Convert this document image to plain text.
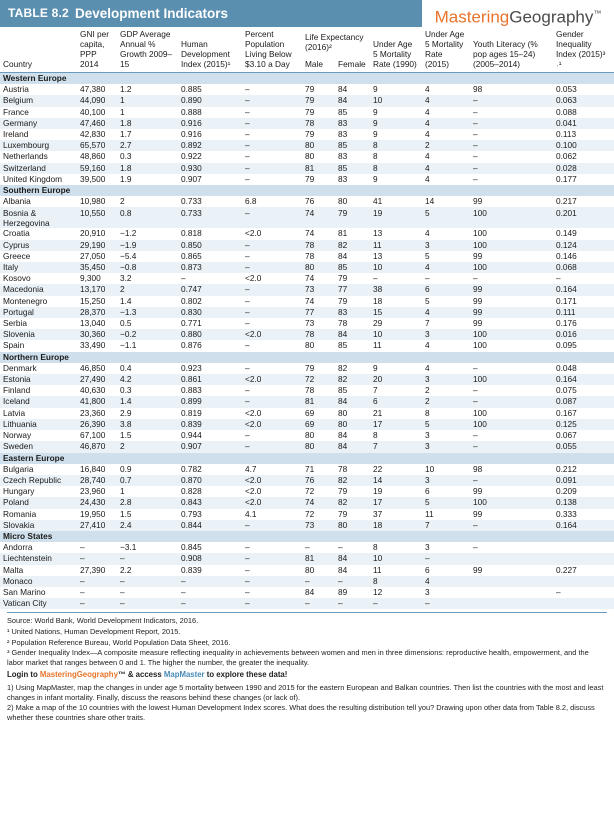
TABLE 8.2 Development Indicators	MasteringGeography™
Country	GNI per capita, PPP 2014	GDP Average Annual % Growth 2009–15	Human Development Index (2015)¹	Percent Population Living Below $3.10 a Day	Life Expectancy (2016)²		Under Age 5 Mortality Rate (1990)	Under Age 5 Mortality Rate (2015)	Youth Literacy (% pop ages 15–24) (2005–2014)	Gender Inequality Index (2015)³ ˒¹
					Male	Female				
Western Europe										
Austria	47,380	1.2	0.885	–	79	84	9	4	98	0.053
Belgium	44,090	1	0.890	–	79	84	10	4	–	0.063
France	40,100	1	0.888	–	79	85	9	4	–	0.088
Germany	47,460	1.8	0.916	–	78	83	9	4	–	0.041
Ireland	42,830	1.7	0.916	–	79	83	9	4	–	0.113
Luxembourg	65,570	2.7	0.892	–	80	85	8	2	–	0.100
Netherlands	48,860	0.3	0.922	–	80	83	8	4	–	0.062
Switzerland	59,160	1.8	0.930	–	81	85	8	4	–	0.028
United Kingdom	39,500	1.9	0.907	–	79	83	9	4	–	0.177
Southern Europe										
Albania	10,980	2	0.733	6.8	76	80	41	14	99	0.217
Bosnia & Herzegovina	10,550	0.8	0.733	–	74	79	19	5	100	0.201
Croatia	20,910	−1.2	0.818	<2.0	74	81	13	4	100	0.149
Cyprus	29,190	−1.9	0.850	–	78	82	11	3	100	0.124
Greece	27,050	−5.4	0.865	–	78	84	13	5	99	0.146
Italy	35,450	−0.8	0.873	–	80	85	10	4	100	0.068
Kosovo	9,300	3.2	–	<2.0	74	79	–	–	–	–
Macedonia	13,170	2	0.747	–	73	77	38	6	99	0.164
Montenegro	15,250	1.4	0.802	–	74	79	18	5	99	0.171
Portugal	28,370	−1.3	0.830	–	77	83	15	4	99	0.111
Serbia	13,040	0.5	0.771	–	73	78	29	7	99	0.176
Slovenia	30,360	−0.2	0.880	<2.0	78	84	10	3	100	0.016
Spain	33,490	−1.1	0.876	–	80	85	11	4	100	0.095
Northern Europe										
Denmark	46,850	0.4	0.923	–	79	82	9	4	–	0.048
Estonia	27,490	4.2	0.861	<2.0	72	82	20	3	100	0.164
Finland	40,630	0.3	0.883	–	78	85	7	2	–	0.075
Iceland	41,800	1.4	0.899	–	81	84	6	2	–	0.087
Latvia	23,360	2.9	0.819	<2.0	69	80	21	8	100	0.167
Lithuania	26,390	3.8	0.839	<2.0	69	80	17	5	100	0.125
Norway	67,100	1.5	0.944	–	80	84	8	3	–	0.067
Sweden	46,870	2	0.907	–	80	84	7	3	–	0.055
Eastern Europe										
Bulgaria	16,840	0.9	0.782	4.7	71	78	22	10	98	0.212
Czech Republic	28,740	0.7	0.870	<2.0	76	82	14	3	–	0.091
Hungary	23,960	1	0.828	<2.0	72	79	19	6	99	0.209
Poland	24,430	2.8	0.843	<2.0	74	82	17	5	100	0.138
Romania	19,950	1.5	0.793	4.1	72	79	37	11	99	0.333
Slovakia	27,410	2.4	0.844	–	73	80	18	7	–	0.164
Micro States										
Andorra	–	−3.1	0.845	–	–	–	8	3	–	
Liechtenstein	–	–	0.908	–	81	84	10	–		
Malta	27,390	2.2	0.839	–	80	84	11	6	99	0.227
Monaco	–	–	–	–	–	–	8	4		
San Marino	–	–	–	–	84	89	12	3		–
Vatican City	–	–	–	–	–	–	–	–		

Source: World Bank, World Development Indicators, 2016.

¹ United Nations, Human Development Report, 2015.

² Population Reference Bureau, World Population Data Sheet, 2016.

³ Gender Inequality Index—A composite measure reflecting inequality in achievements between women and men in three dimensions: reproductive health, empowerment, and the labor market that ranges between 0 and 1. The higher the number, the greater the inequality.

Login to MasteringGeography™ & access MapMaster to explore these data!

1) Using MapMaster, map the changes in under age 5 mortality between 1990 and 2015 for the eastern European and Balkan countries. Then list the countries with the most and least changes in infant mortality. Finally, discuss the reasons behind these changes (or lack of).

2) Make a map of the 10 countries with the lowest Human Development Index scores. What does the resulting distribution tell you? Drawing upon other data from Table 8.2, discuss whether these countries share other traits.
